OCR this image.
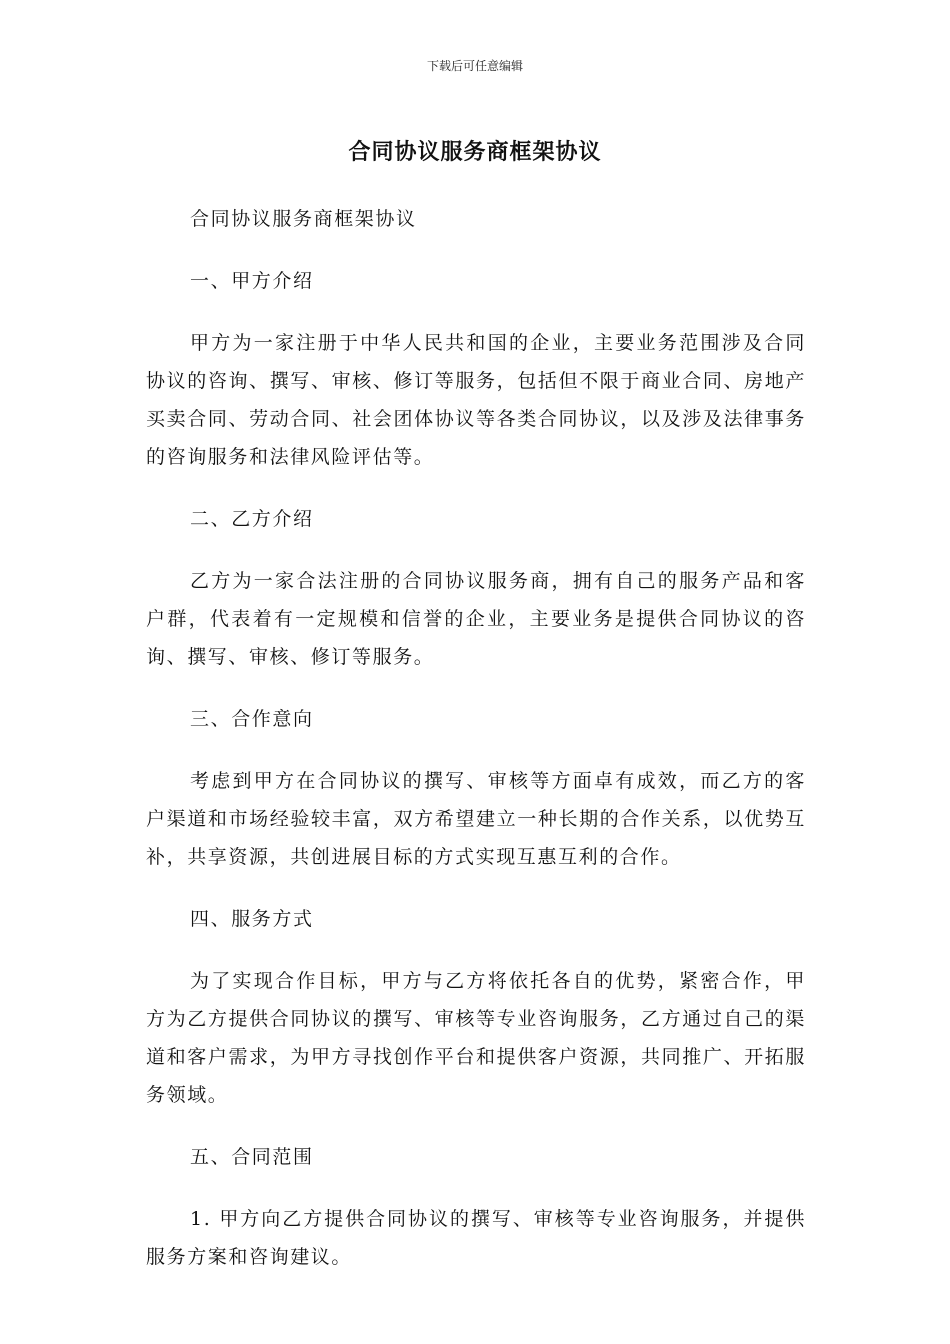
下载后可任意编辑
合同协议服务商框架协议

合同协议服务商框架协议

一、甲方介绍

甲方为一家注册于中华人民共和国的企业，主要业务范围涉及合同协议的咨询、撰写、审核、修订等服务，包括但不限于商业合同、房地产买卖合同、劳动合同、社会团体协议等各类合同协议，以及涉及法律事务的咨询服务和法律风险评估等。

二、乙方介绍

乙方为一家合法注册的合同协议服务商，拥有自己的服务产品和客户群，代表着有一定规模和信誉的企业，主要业务是提供合同协议的咨询、撰写、审核、修订等服务。

三、合作意向

考虑到甲方在合同协议的撰写、审核等方面卓有成效，而乙方的客户渠道和市场经验较丰富，双方希望建立一种长期的合作关系，以优势互补，共享资源，共创进展目标的方式实现互惠互利的合作。

四、服务方式

为了实现合作目标，甲方与乙方将依托各自的优势，紧密合作，甲方为乙方提供合同协议的撰写、审核等专业咨询服务，乙方通过自己的渠道和客户需求，为甲方寻找创作平台和提供客户资源，共同推广、开拓服务领域。

五、合同范围

1. 甲方向乙方提供合同协议的撰写、审核等专业咨询服务，并提供服务方案和咨询建议。
